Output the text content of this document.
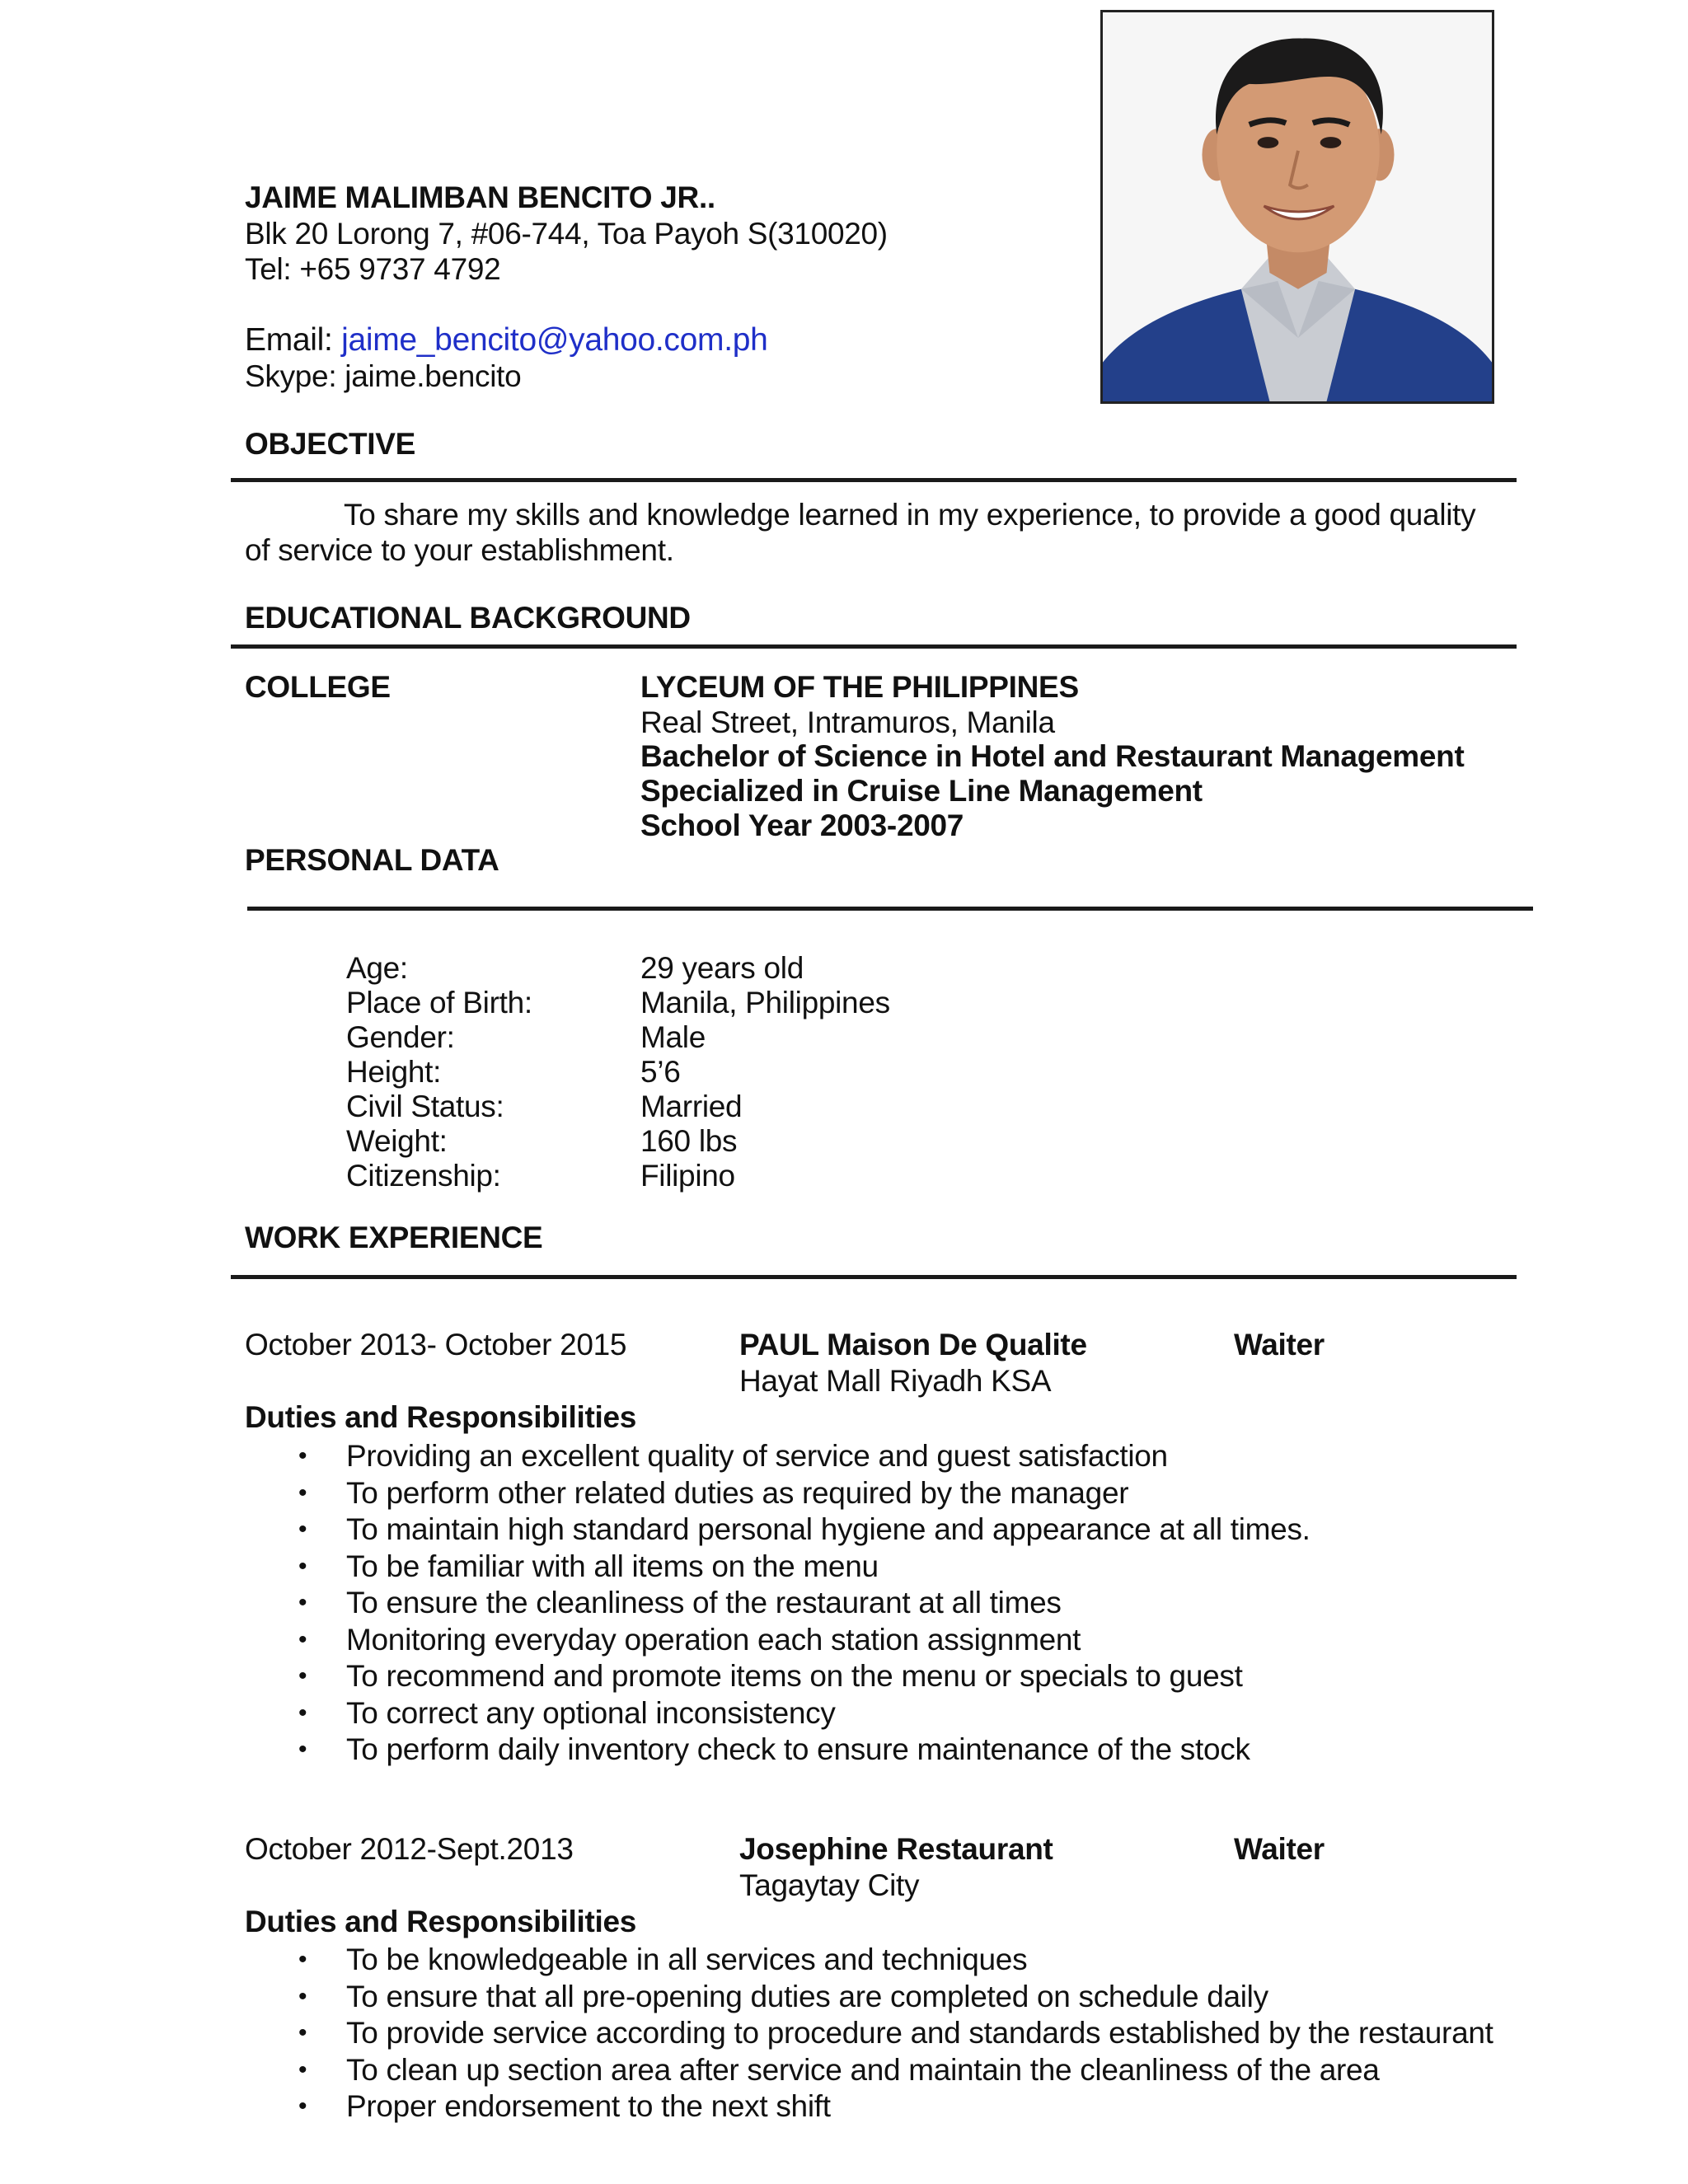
JAIME MALIMBAN BENCITO JR..
Blk 20 Lorong 7, #06-744, Toa Payoh S(310020)
Tel: +65 9737 4792
Email: jaime_bencito@yahoo.com.ph
Skype: jaime.bencito
OBJECTIVE
To share my skills and knowledge learned in my experience, to provide a good quality
of service to your establishment.
EDUCATIONAL BACKGROUND
COLLEGE	LYCEUM OF THE PHILIPPINES
Real Street, Intramuros, Manila
Bachelor of Science in Hotel and Restaurant Management
Specialized in Cruise Line Management
School Year 2003-2007
PERSONAL DATA
Age:	29 years old
Place of Birth:	Manila, Philippines
Gender:	Male
Height:	5’6
Civil Status:	Married
Weight:	160 lbs
Citizenship:	Filipino
WORK EXPERIENCE
October 2013- October 2015	PAUL Maison De Qualite	Waiter
Hayat Mall Riyadh KSA
Duties and Responsibilities
• Providing an excellent quality of service and guest satisfaction
• To perform other related duties as required by the manager
• To maintain high standard personal hygiene and appearance at all times.
• To be familiar with all items on the menu
• To ensure the cleanliness of the restaurant at all times
• Monitoring everyday operation each station assignment
• To recommend and promote items on the menu or specials to guest
• To correct any optional inconsistency
• To perform daily inventory check to ensure maintenance of the stock
October 2012-Sept.2013	Josephine Restaurant	Waiter
Tagaytay City
Duties and Responsibilities
• To be knowledgeable in all services and techniques
• To ensure that all pre-opening duties are completed on schedule daily
• To provide service according to procedure and standards established by the restaurant
• To clean up section area after service and maintain the cleanliness of the area
• Proper endorsement to the next shift
